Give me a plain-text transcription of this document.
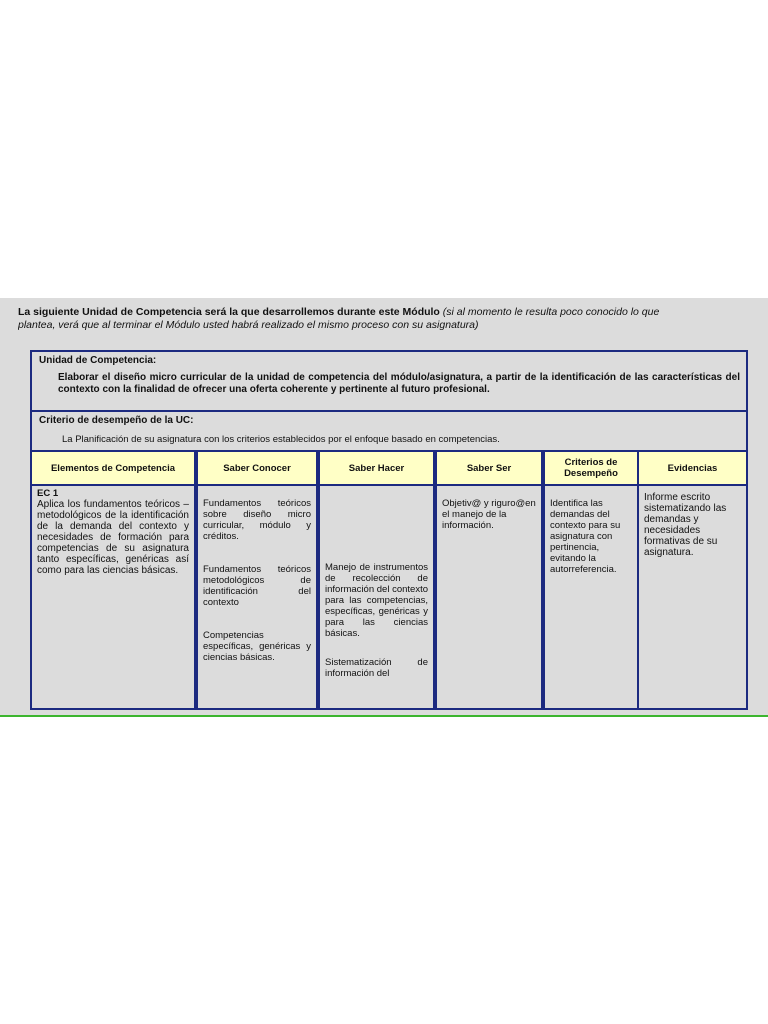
La siguiente Unidad de Competencia será la que desarrollemos durante este Módulo (si al momento le resulta poco conocido lo que
plantea, verá que al terminar el Módulo usted habrá realizado el mismo proceso con su asignatura)
Unidad de Competencia:
Elaborar el diseño micro curricular de la unidad de competencia del módulo/asignatura, a partir de la identificación de las características del contexto con la finalidad de ofrecer una oferta coherente y pertinente al futuro profesional.
Criterio de desempeño de la UC:
La Planificación de su asignatura con los criterios establecidos por el enfoque basado en competencias.
Elementos de Competencia

EC 1

Aplica los fundamentos teóricos – metodológicos de la identificación de la demanda del contexto y necesidades de formación para competencias de su asignatura tanto específicas, genéricas así como para las ciencias básicas.

Saber Conocer

Fundamentos teóricos sobre diseño micro curricular, módulo y créditos.

Fundamentos teóricos metodológicos de identificación del contexto

Competencias específicas, genéricas y ciencias básicas.

Saber Hacer

Manejo de instrumentos de recolección de información del contexto para las competencias, específicas, genéricas y para las ciencias básicas.

Sistematización de información del

Saber Ser

Objetiv@ y riguro@en el manejo de la información.

Criterios de Desempeño

Identifica las demandas del contexto para su asignatura con pertinencia, evitando la autorreferencia.

Evidencias

Informe escrito sistematizando las demandas y necesidades formativas de su asignatura.
